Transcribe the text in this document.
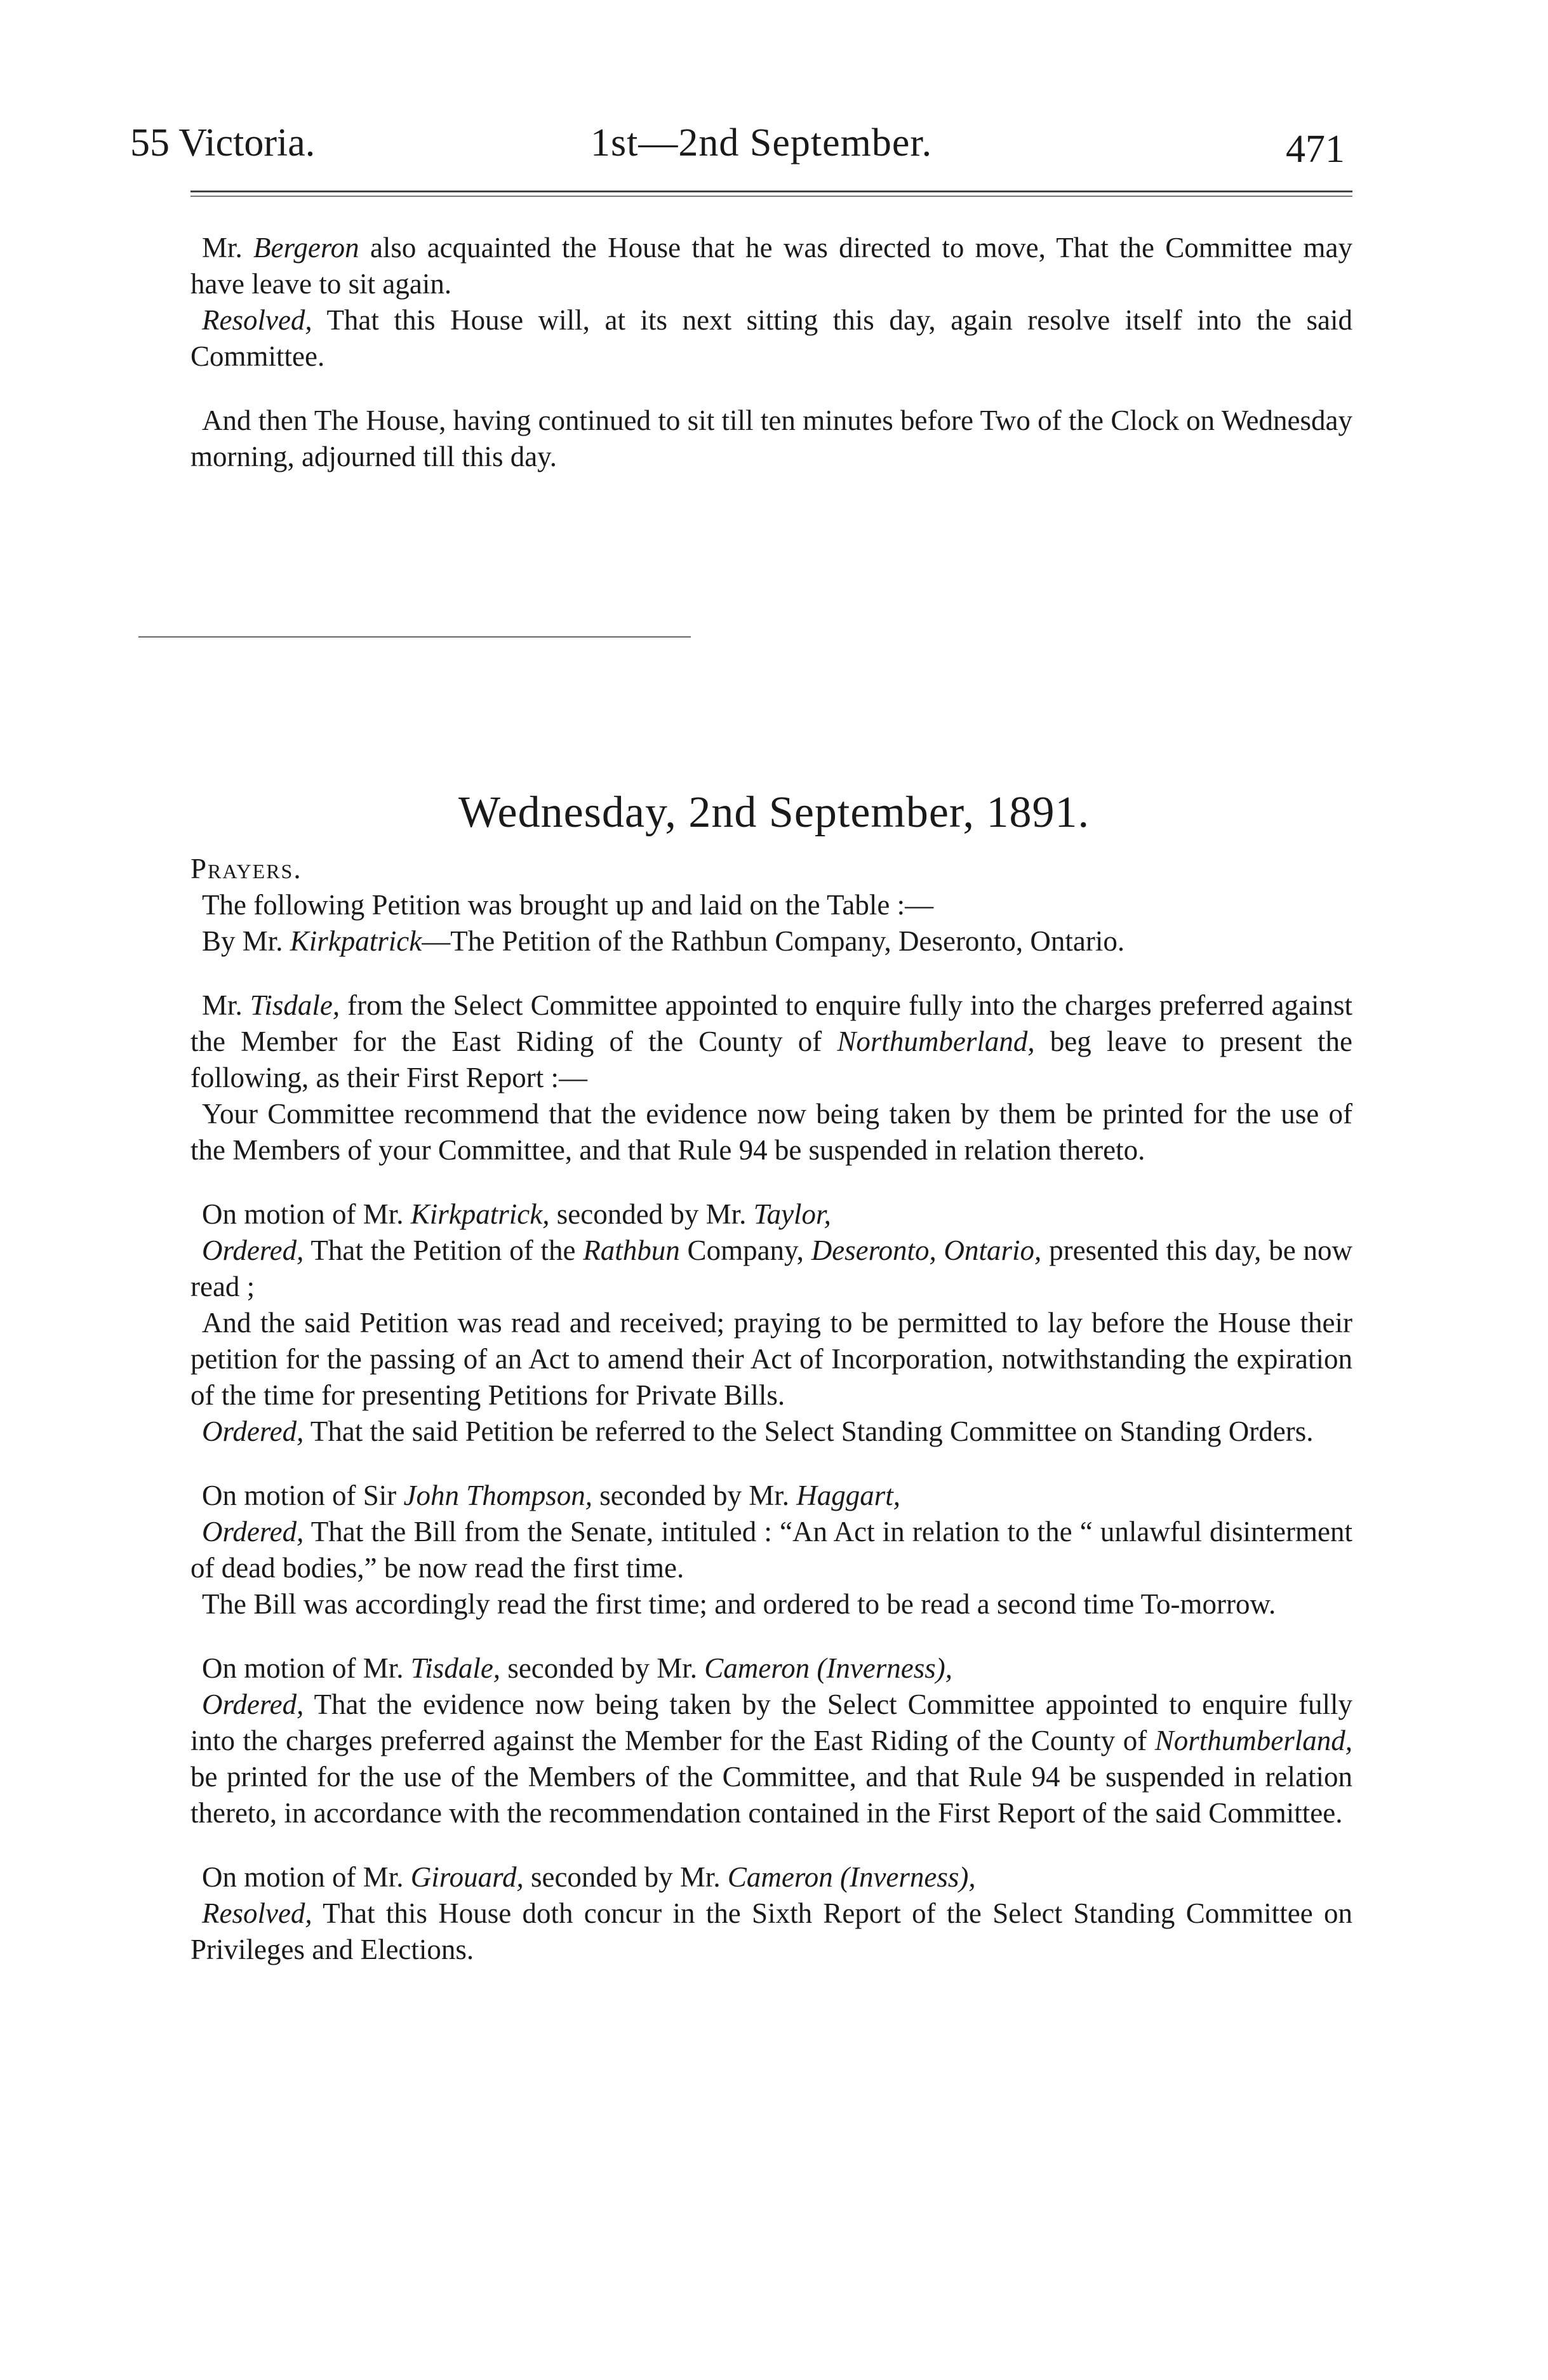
55 Victoria.	1st—2nd September.	471

Mr. Bergeron also acquainted the House that he was directed to move, That the Committee may have leave to sit again.

Resolved, That this House will, at its next sitting this day, again resolve itself into the said Committee.

And then The House, having continued to sit till ten minutes before Two of the Clock on Wednesday morning, adjourned till this day.

Wednesday, 2nd September, 1891.

Prayers.

The following Petition was brought up and laid on the Table :—

By Mr. Kirkpatrick—The Petition of the Rathbun Company, Deseronto, Ontario.

Mr. Tisdale, from the Select Committee appointed to enquire fully into the charges preferred against the Member for the East Riding of the County of Northumberland, beg leave to present the following, as their First Report :—

Your Committee recommend that the evidence now being taken by them be printed for the use of the Members of your Committee, and that Rule 94 be suspended in relation thereto.

On motion of Mr. Kirkpatrick, seconded by Mr. Taylor,

Ordered, That the Petition of the Rathbun Company, Deseronto, Ontario, presented this day, be now read ;

And the said Petition was read and received; praying to be permitted to lay before the House their petition for the passing of an Act to amend their Act of Incorporation, notwithstanding the expiration of the time for presenting Petitions for Private Bills.

Ordered, That the said Petition be referred to the Select Standing Committee on Standing Orders.

On motion of Sir John Thompson, seconded by Mr. Haggart,

Ordered, That the Bill from the Senate, intituled : “An Act in relation to the “ unlawful disinterment of dead bodies,” be now read the first time.

The Bill was accordingly read the first time; and ordered to be read a second time To-morrow.

On motion of Mr. Tisdale, seconded by Mr. Cameron (Inverness),

Ordered, That the evidence now being taken by the Select Committee appointed to enquire fully into the charges preferred against the Member for the East Riding of the County of Northumberland, be printed for the use of the Members of the Committee, and that Rule 94 be suspended in relation thereto, in accordance with the recommendation contained in the First Report of the said Committee.

On motion of Mr. Girouard, seconded by Mr. Cameron (Inverness),

Resolved, That this House doth concur in the Sixth Report of the Select Standing Committee on Privileges and Elections.
